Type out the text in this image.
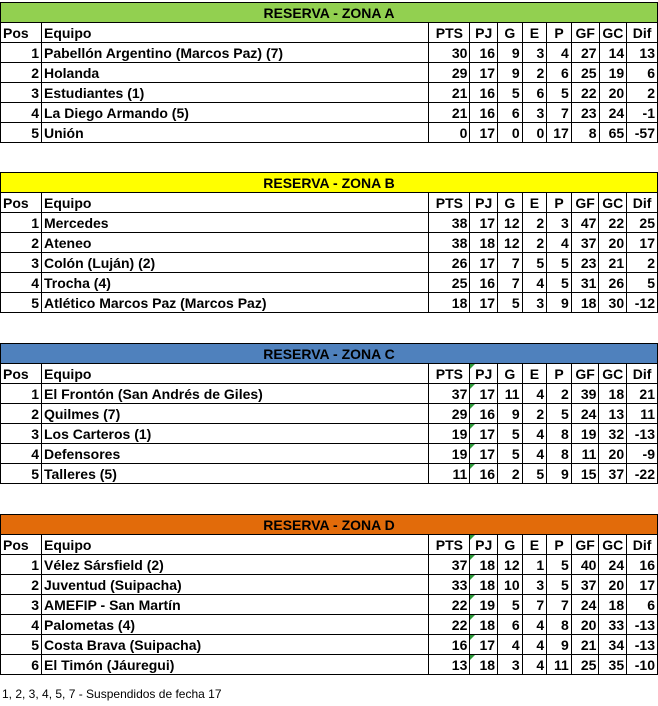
RESERVA - ZONA A									
Pos	Equipo	PTS	PJ	G	E	P	GF	GC	Dif
1	Pabellón Argentino (Marcos Paz) (7)	30	16	9	3	4	27	14	13
2	Holanda	29	17	9	2	6	25	19	6
3	Estudiantes (1)	21	16	5	6	5	22	20	2
4	La Diego Armando (5)	21	16	6	3	7	23	24	-1
5	Unión	0	17	0	0	17	8	65	-57
RESERVA - ZONA B									
Pos	Equipo	PTS	PJ	G	E	P	GF	GC	Dif
1	Mercedes	38	17	12	2	3	47	22	25
2	Ateneo	38	18	12	2	4	37	20	17
3	Colón (Luján) (2)	26	17	7	5	5	23	21	2
4	Trocha (4)	25	16	7	4	5	31	26	5
5	Atlético Marcos Paz (Marcos Paz)	18	17	5	3	9	18	30	-12
RESERVA - ZONA C									
Pos	Equipo	PTS	PJ	G	E	P	GF	GC	Dif
1	El Frontón (San Andrés de Giles)	37	17	11	4	2	39	18	21
2	Quilmes (7)	29	16	9	2	5	24	13	11
3	Los Carteros (1)	19	17	5	4	8	19	32	-13
4	Defensores	19	17	5	4	8	11	20	-9
5	Talleres (5)	11	16	2	5	9	15	37	-22
RESERVA - ZONA D									
Pos	Equipo	PTS	PJ	G	E	P	GF	GC	Dif
1	Vélez Sársfield (2)	37	18	12	1	5	40	24	16
2	Juventud (Suipacha)	33	18	10	3	5	37	20	17
3	AMEFIP - San Martín	22	19	5	7	7	24	18	6
4	Palometas (4)	22	18	6	4	8	20	33	-13
5	Costa Brava (Suipacha)	16	17	4	4	9	21	34	-13
6	El Timón (Jáuregui)	13	18	3	4	11	25	35	-10
1, 2, 3, 4, 5, 7 - Suspendidos de fecha 17
